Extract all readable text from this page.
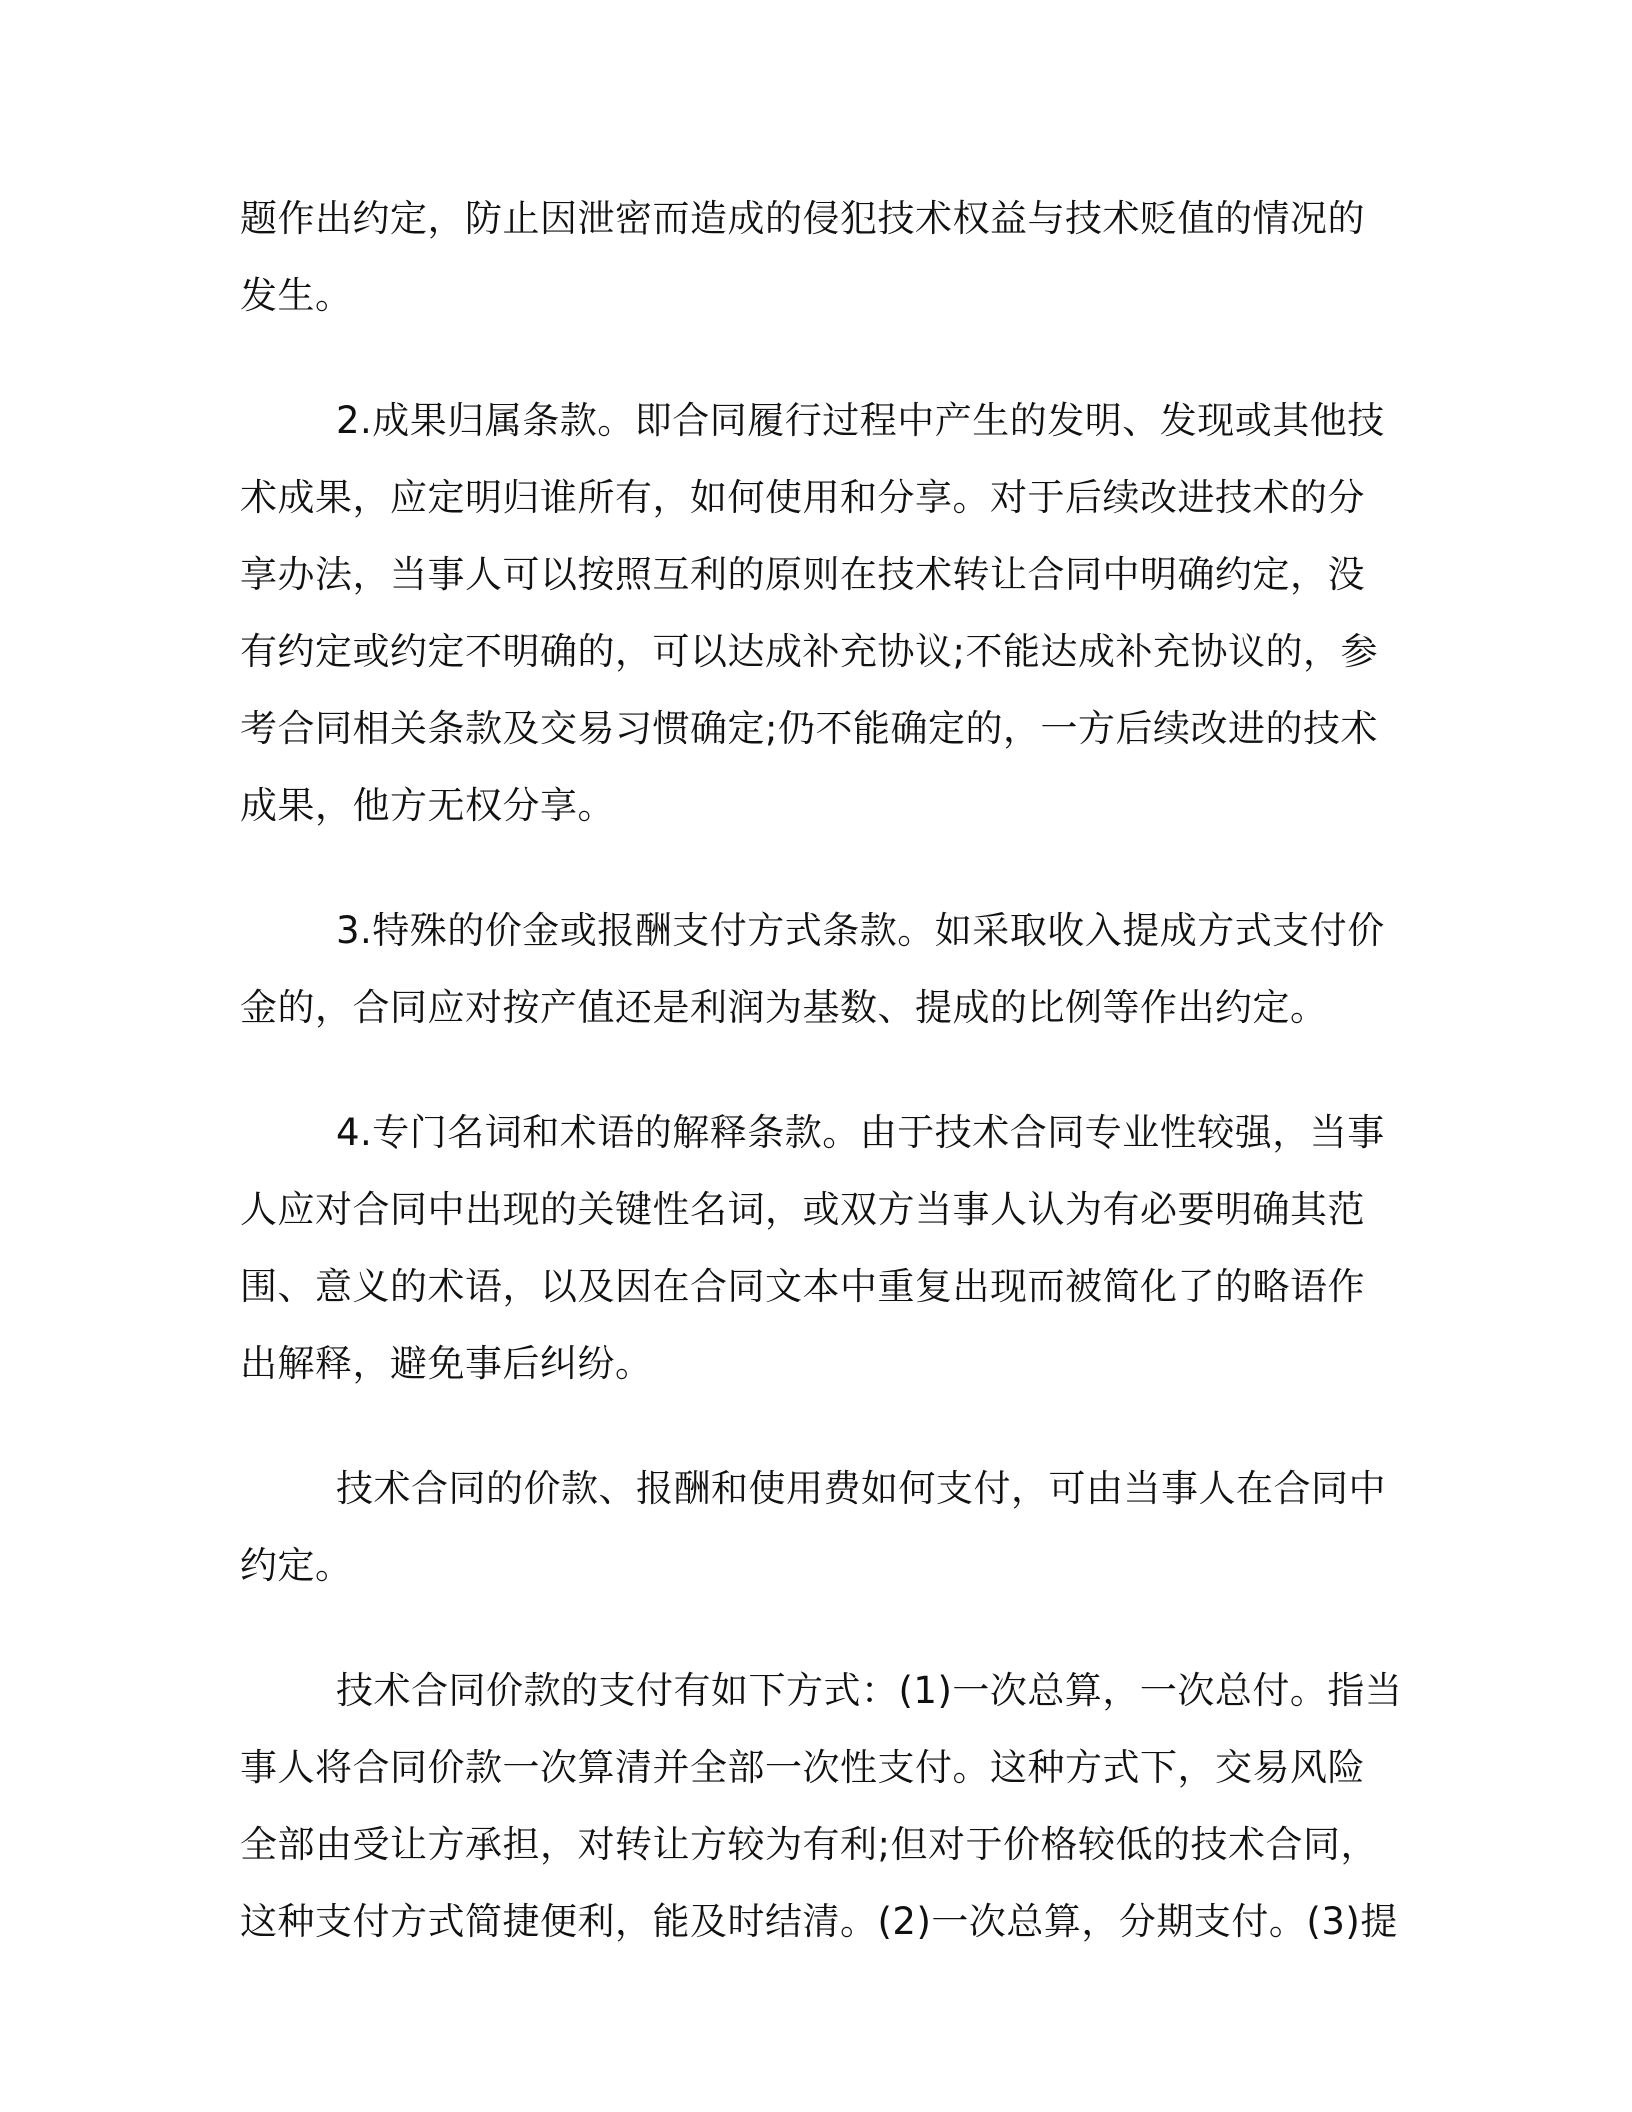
题作出约定，防止因泄密而造成的侵犯技术权益与技术贬值的情况的
发生。
2.成果归属条款。即合同履行过程中产生的发明、发现或其他技
术成果，应定明归谁所有，如何使用和分享。对于后续改进技术的分
享办法，当事人可以按照互利的原则在技术转让合同中明确约定，没
有约定或约定不明确的，可以达成补充协议;不能达成补充协议的，参
考合同相关条款及交易习惯确定;仍不能确定的，一方后续改进的技术
成果，他方无权分享。
3.特殊的价金或报酬支付方式条款。如采取收入提成方式支付价
金的，合同应对按产值还是利润为基数、提成的比例等作出约定。
4.专门名词和术语的解释条款。由于技术合同专业性较强，当事
人应对合同中出现的关键性名词，或双方当事人认为有必要明确其范
围、意义的术语，以及因在合同文本中重复出现而被简化了的略语作
出解释，避免事后纠纷。
技术合同的价款、报酬和使用费如何支付，可由当事人在合同中
约定。
技术合同价款的支付有如下方式：(1)一次总算，一次总付。指当
事人将合同价款一次算清并全部一次性支付。这种方式下，交易风险
全部由受让方承担，对转让方较为有利;但对于价格较低的技术合同，
这种支付方式简捷便利，能及时结清。(2)一次总算，分期支付。(3)提
